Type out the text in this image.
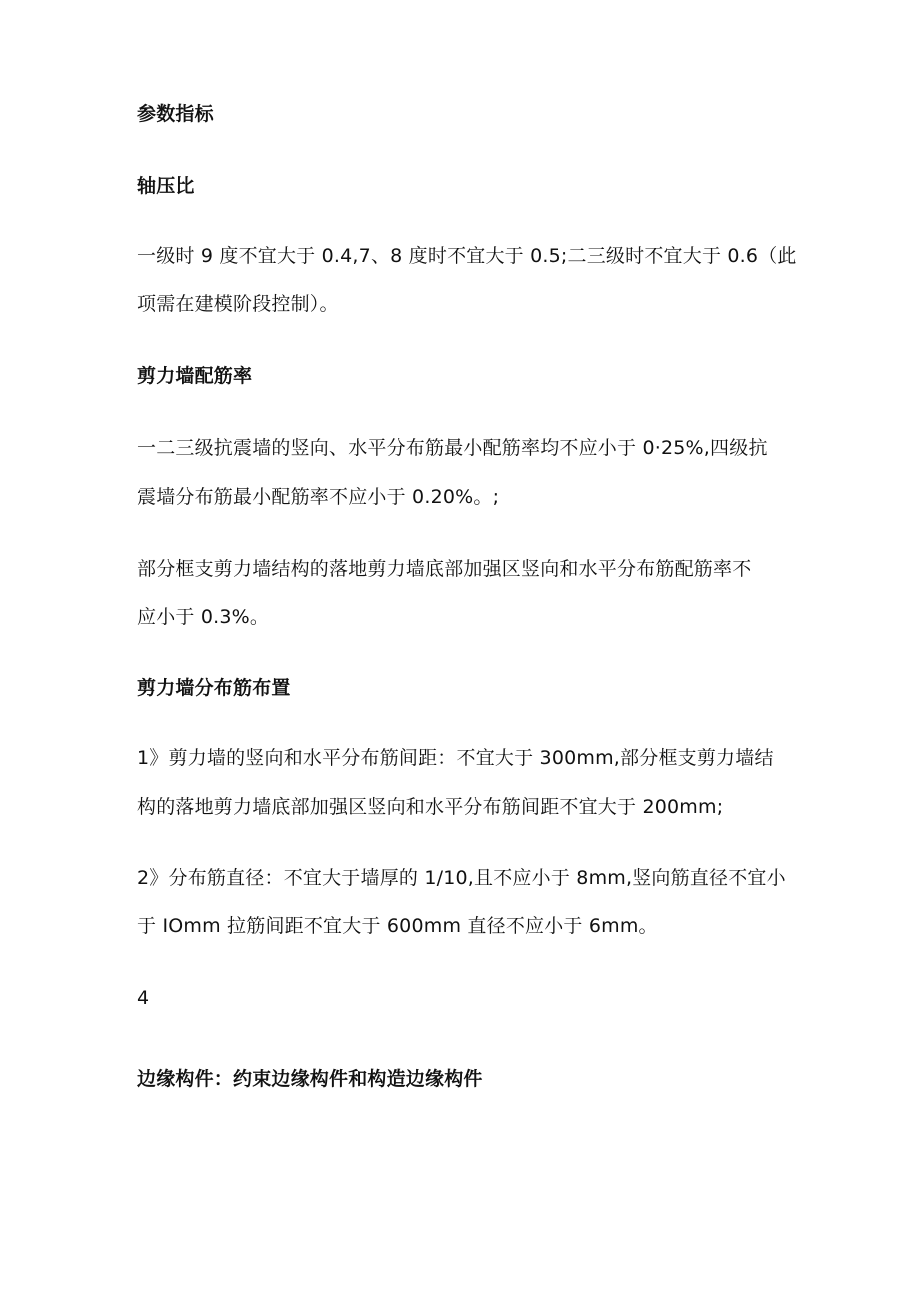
参数指标
轴压比
一级时 9 度不宜大于 0.4,7、8 度时不宜大于 0.5;二三级时不宜大于 0.6（此
项需在建模阶段控制）。
剪力墙配筋率
一二三级抗震墙的竖向、水平分布筋最小配筋率均不应小于 0·25%,四级抗
震墙分布筋最小配筋率不应小于 0.20%。;
部分框支剪力墙结构的落地剪力墙底部加强区竖向和水平分布筋配筋率不
应小于 0.3%。
剪力墙分布筋布置
1》剪力墙的竖向和水平分布筋间距：不宜大于 300mm,部分框支剪力墙结
构的落地剪力墙底部加强区竖向和水平分布筋间距不宜大于 200mm;
2》分布筋直径：不宜大于墙厚的 1/10,且不应小于 8mm,竖向筋直径不宜小
于 IOmm 拉筋间距不宜大于 600mm 直径不应小于 6mm。
4
边缘构件：约束边缘构件和构造边缘构件
